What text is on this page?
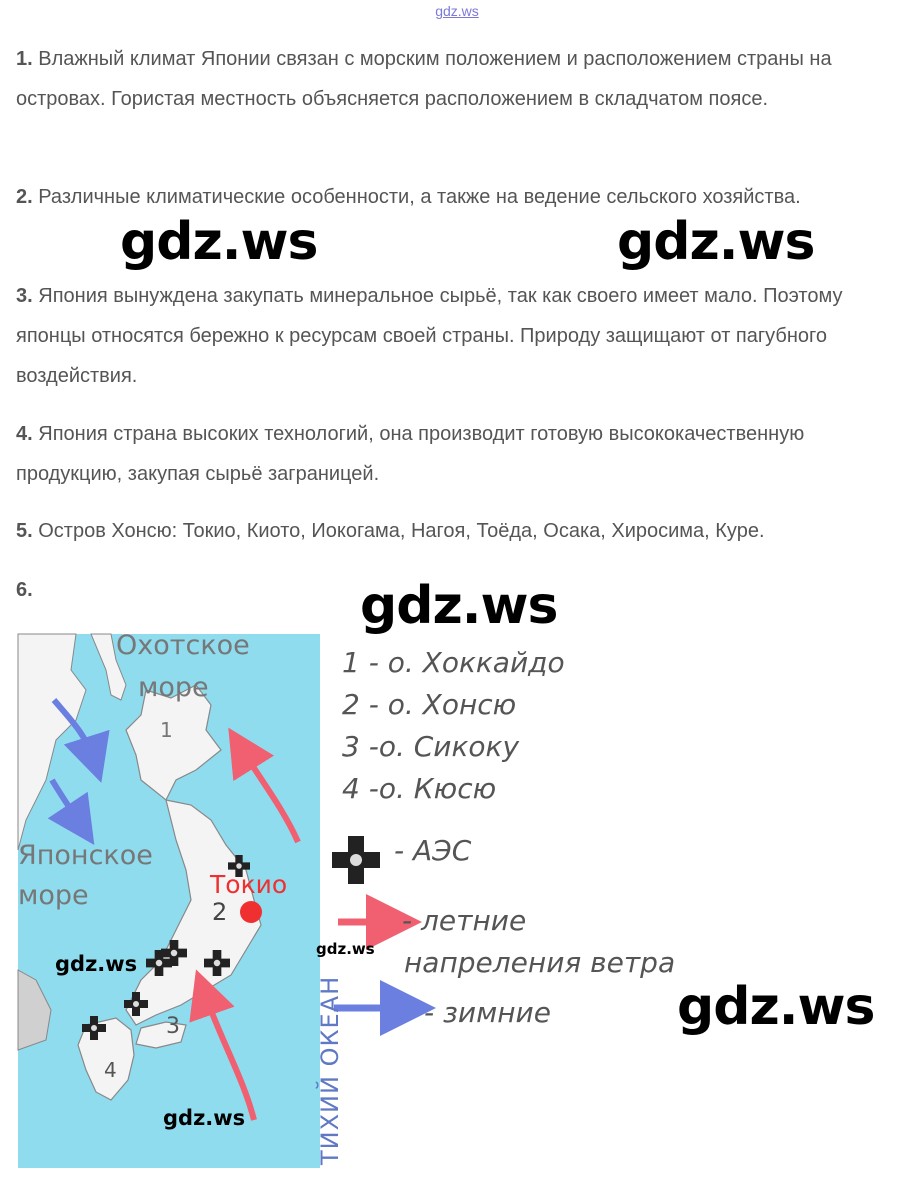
gdz.ws

1. Влажный климат Японии связан с морским положением и расположением страны на островах. Гористая местность объясняется расположением в складчатом поясе.

2. Различные климатические особенности, а также на ведение сельского хозяйства.

3. Япония вынуждена закупать минеральное сырьё, так как своего имеет мало. Поэтому японцы относятся бережно к ресурсам своей страны. Природу защищают от пагубного воздействия.

4. Япония страна высоких технологий, она производит готовую высококачественную продукцию, закупая сырьё заграницей.

5. Остров Хонсю: Токио, Киото, Иокогама, Нагоя, Тоёда, Осака, Хиросима, Куре.

6.

gdz.ws	gdz.ws
gdz.ws
gdz.ws
Охотское
море
Японское
море	Токио
1
2
3
4	ТИХИЙ ОКЕАН
1 - о. Хоккайдо
2 - о. Хонсю
3 -о. Сикоку
4 -о. Кюсю
- АЭС
- летние
напреления ветра
- зимние
gdz.ws
gdz.ws
gdz.ws
